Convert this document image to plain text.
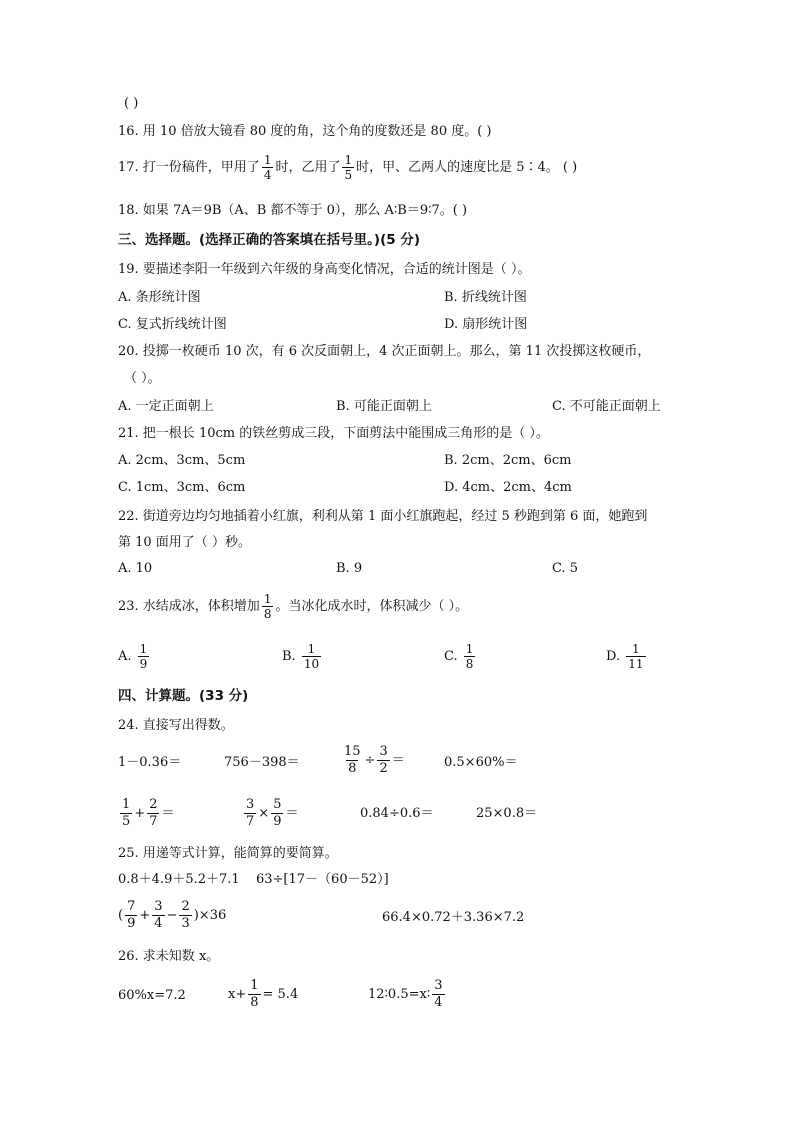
( )
16. 用 10 倍放大镜看 80 度的角，这个角的度数还是 80 度。( )
17. 打一份稿件，甲用了 $\frac{1}{4}$ 时，乙用了 $\frac{1}{5}$ 时，甲、乙两人的速度比是 5∶4。 ( )
18. 如果 7A＝9B（A、B 都不等于 0），那么 A∶B＝9∶7。( )
三、选择题。(选择正确的答案填在括号里。)(5 分)
19. 要描述李阳一年级到六年级的身高变化情况，合适的统计图是（ ）。
A. 条形统计图	B. 折线统计图
C. 复式折线统计图	D. 扇形统计图
20. 投掷一枚硬币 10 次，有 6 次反面朝上，4 次正面朝上。那么，第 11 次投掷这枚硬币，
（ ）。
A. 一定正面朝上	B. 可能正面朝上	C. 不可能正面朝上
21. 把一根长 10cm 的铁丝剪成三段，下面剪法中能围成三角形的是（ ）。
A. 2cm、3cm、5cm	B. 2cm、2cm、6cm
C. 1cm、3cm、6cm	D. 4cm、2cm、4cm
22. 街道旁边均匀地插着小红旗，利利从第 1 面小红旗跑起，经过 5 秒跑到第 6 面，她跑到
第 10 面用了（ ）秒。
A. 10	B. 9	C. 5
23. 水结成冰，体积增加 $\frac{1}{8}$ 。当冰化成水时，体积减少（ ）。
A. $\frac{1}{9}$	B. $\frac{1}{10}$	C. $\frac{1}{8}$	D. $\frac{1}{11}$
四、计算题。(33 分)
24. 直接写出得数。
1－0.36＝	756－398＝	$\frac{15}{8} \div \frac{3}{2}$ ＝	0.5×60%＝
$\frac{1}{5} + \frac{2}{7}$ ＝	$\frac{3}{7} \times \frac{5}{9}$ ＝	0.84÷0.6＝	25×0.8＝
25. 用递等式计算，能简算的要简算。
0.8＋4.9＋5.2＋7.1 63÷[17－（60－52）]
( $\frac{7}{9} + \frac{3}{4} - \frac{2}{3} )\times 36$	66.4×0.72＋3.36×7.2
26. 求未知数 x。
60%x=7.2	$x+ \frac{1}{8} = 5.4$	12∶0.5=x∶ $\frac{3}{4}$
